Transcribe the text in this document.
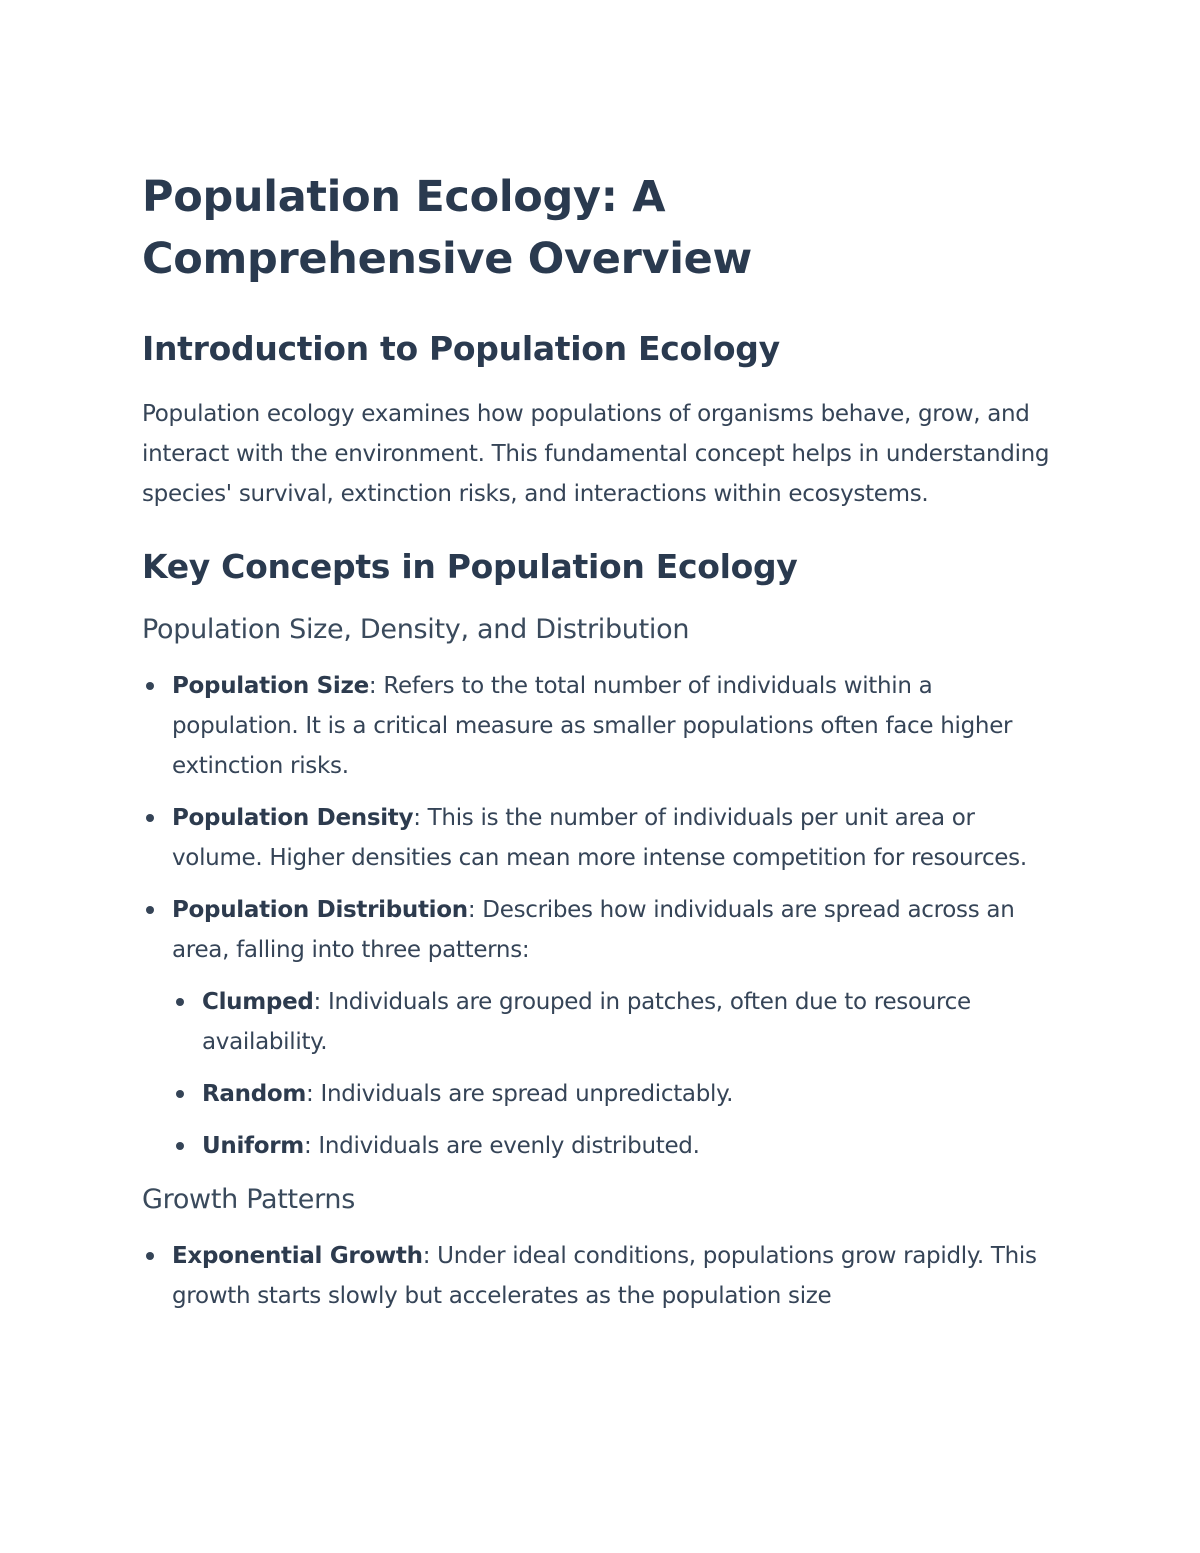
Population Ecology: A Comprehensive Overview
Introduction to Population Ecology

Population ecology examines how populations of organisms behave, grow, and interact with the environment. This fundamental concept helps in understanding species' survival, extinction risks, and interactions within ecosystems.

Key Concepts in Population Ecology
Population Size, Density, and Distribution
Population Size: Refers to the total number of individuals within a population. It is a critical measure as smaller populations often face higher extinction risks.
Population Density: This is the number of individuals per unit area or volume. Higher densities can mean more intense competition for resources.
Population Distribution: Describes how individuals are spread across an area, falling into three patterns:
Clumped: Individuals are grouped in patches, often due to resource availability.
Random: Individuals are spread unpredictably.
Uniform: Individuals are evenly distributed.
Growth Patterns
Exponential Growth: Under ideal conditions, populations grow rapidly. This growth starts slowly but accelerates as the population size
